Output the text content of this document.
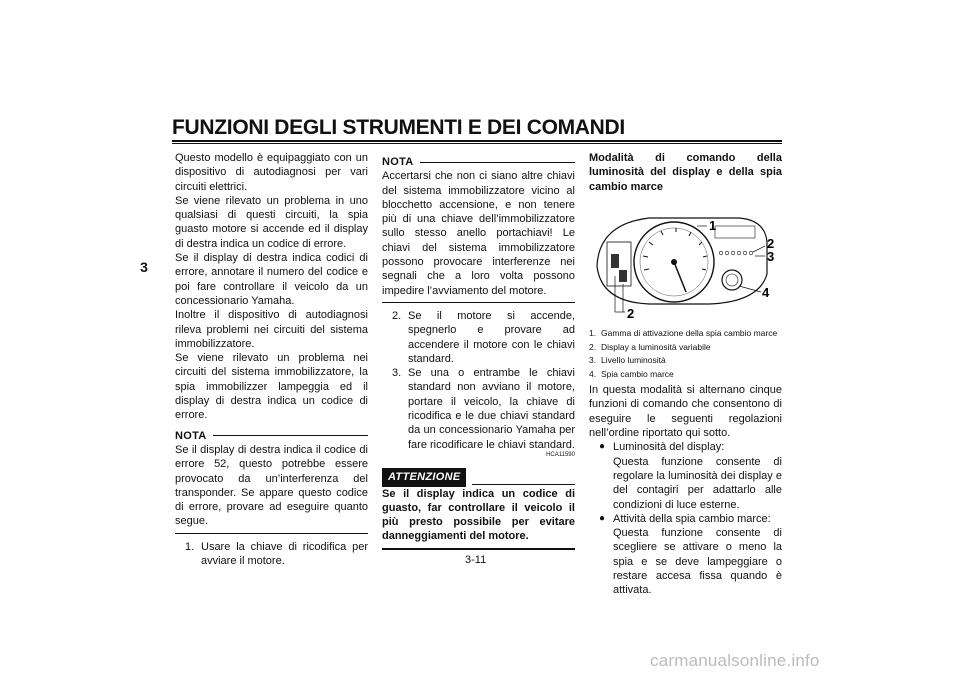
FUNZIONI DEGLI STRUMENTI E DEI COMANDI
3

Questo modello è equipaggiato con un dispositivo di autodiagnosi per vari circuiti elettrici.

Se viene rilevato un problema in uno qualsiasi di questi circuiti, la spia guasto motore si accende ed il display di destra indica un codice di errore.

Se il display di destra indica codici di errore, annotare il numero del codice e poi fare controllare il veicolo da un concessionario Yamaha.

Inoltre il dispositivo di autodiagnosi rileva problemi nei circuiti del sistema immobilizzatore.

Se viene rilevato un problema nei circuiti del sistema immobilizzatore, la spia immobilizzer lampeggia ed il display di destra indica un codice di errore.

NOTA

Se il display di destra indica il codice di errore 52, questo potrebbe essere provocato da un’interferenza del transponder. Se appare questo codice di errore, provare ad eseguire quanto segue.

1. Usare la chiave di ricodifica per avviare il motore.
NOTA

Accertarsi che non ci siano altre chiavi del sistema immobilizzatore vicino al blocchetto accensione, e non tenere più di una chiave dell’immobilizzatore sullo stesso anello portachiavi! Le chiavi del sistema immobilizzatore possono provocare interferenze nei segnali che a loro volta possono impedire l’avviamento del motore.

2. Se il motore si accende, spegnerlo e provare ad accendere il motore con le chiavi standard.
3. Se una o entrambe le chiavi standard non avviano il motore, portare il veicolo, la chiave di ricodifica e le due chiavi standard da un concessionario Yamaha per fare ricodificare le chiavi standard.
HCA11590
ATTENZIONE

Se il display indica un codice di guasto, far controllare il veicolo il più presto possibile per evitare danneggiamenti del motore.

Modalità di comando della luminosità del display e della spia cambio marce

1
2
3
4
2
1. Gamma di attivazione della spia cambio marce
2. Display a luminosità variabile
3. Livello luminosità
4. Spia cambio marce

In questa modalità si alternano cinque funzioni di comando che consentono di eseguire le seguenti regolazioni nell’ordine riportato qui sotto.

● Luminosità del display:
Questa funzione consente di regolare la luminosità dei display e del contagiri per adattarlo alle condizioni di luce esterne.
● Attività della spia cambio marce:
Questa funzione consente di scegliere se attivare o meno la spia e se deve lampeggiare o restare accesa fissa quando è attivata.
3-11
carmanualsonline.info
